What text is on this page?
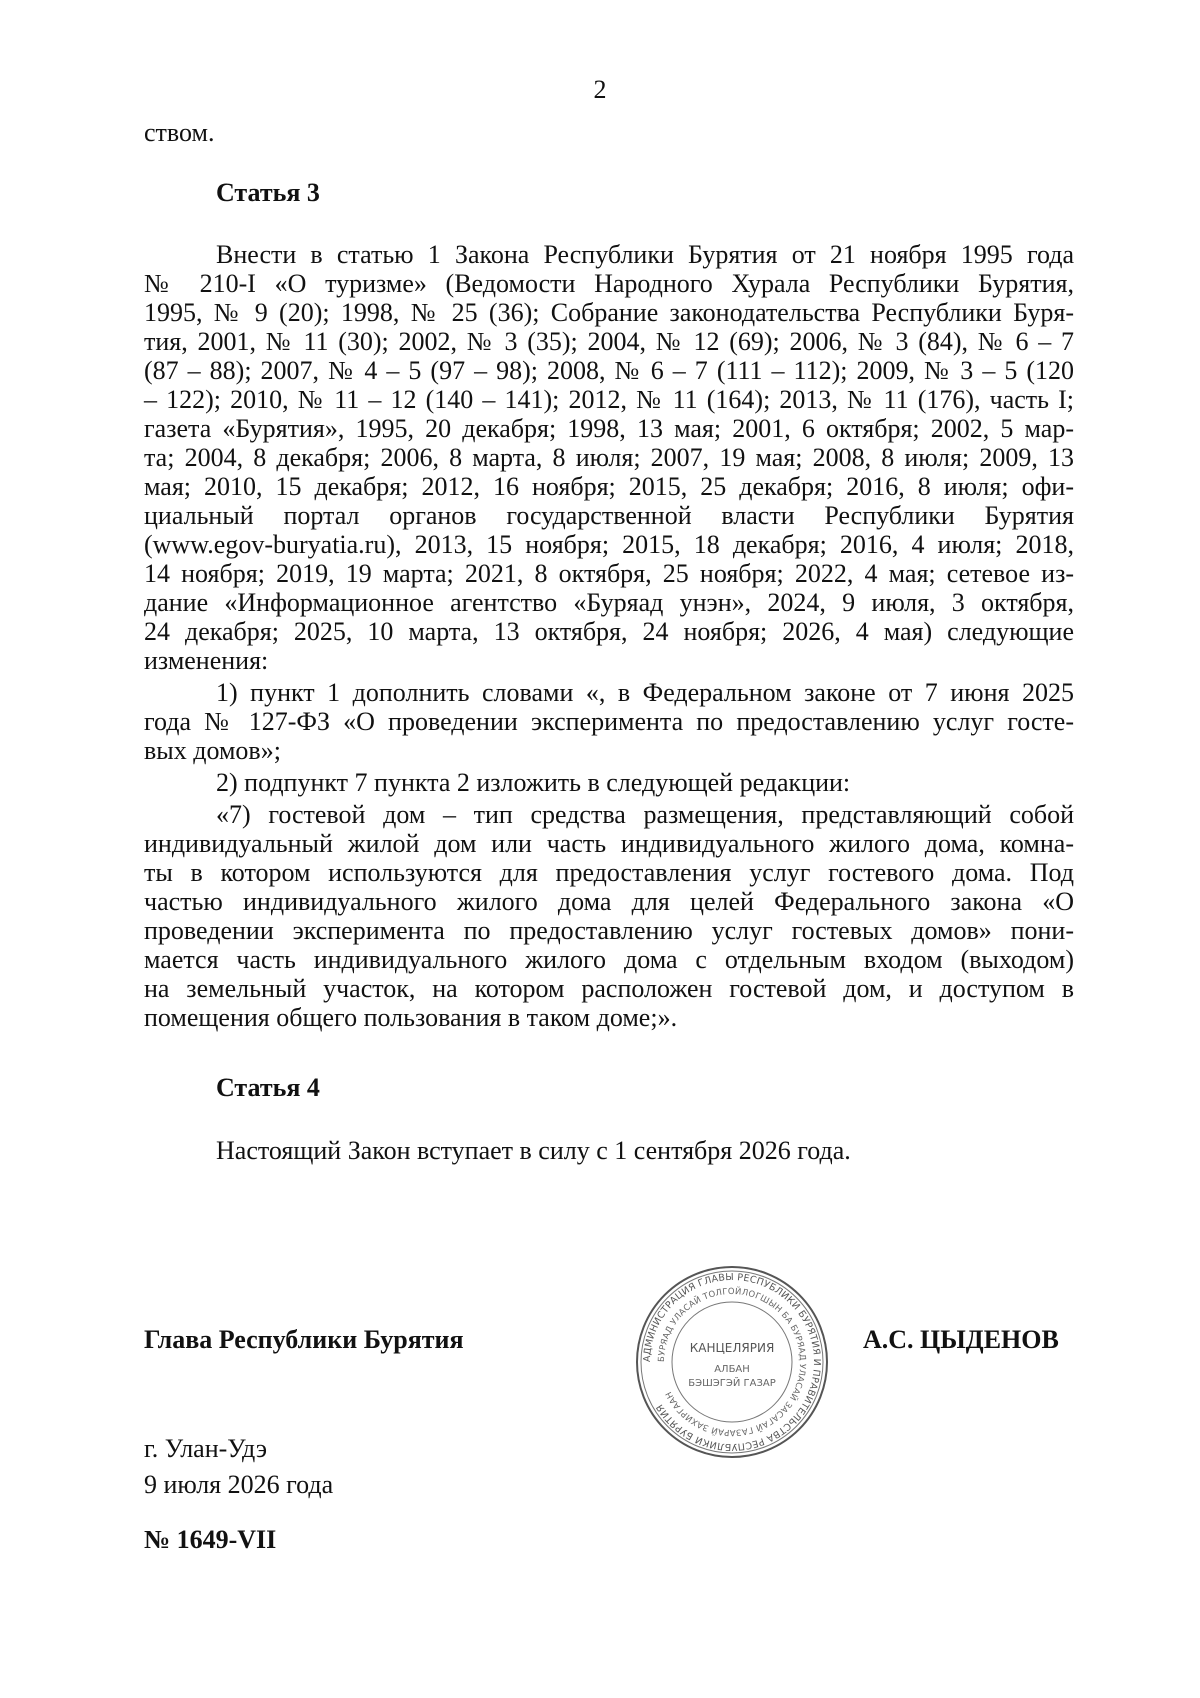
2
ством.
Статья 3
Внести в статью 1 Закона Республики Бурятия от 21 ноября 1995 года
№ 210-I «О туризме» (Ведомости Народного Хурала Республики Бурятия,
1995, № 9 (20); 1998, № 25 (36); Собрание законодательства Республики Буря-
тия, 2001, № 11 (30); 2002, № 3 (35); 2004, № 12 (69); 2006, № 3 (84), № 6 – 7
(87 – 88); 2007, № 4 – 5 (97 – 98); 2008, № 6 – 7 (111 – 112); 2009, № 3 – 5 (120
– 122); 2010, № 11 – 12 (140 – 141); 2012, № 11 (164); 2013, № 11 (176), часть I;
газета «Бурятия», 1995, 20 декабря; 1998, 13 мая; 2001, 6 октября; 2002, 5 мар-
та; 2004, 8 декабря; 2006, 8 марта, 8 июля; 2007, 19 мая; 2008, 8 июля; 2009, 13
мая; 2010, 15 декабря; 2012, 16 ноября; 2015, 25 декабря; 2016, 8 июля; офи-
циальный портал органов государственной власти Республики Бурятия
(www.egov-buryatia.ru), 2013, 15 ноября; 2015, 18 декабря; 2016, 4 июля; 2018,
14 ноября; 2019, 19 марта; 2021, 8 октября, 25 ноября; 2022, 4 мая; сетевое из-
дание «Информационное агентство «Буряад унэн», 2024, 9 июля, 3 октября,
24 декабря; 2025, 10 марта, 13 октября, 24 ноября; 2026, 4 мая) следующие
изменения:
1) пункт 1 дополнить словами «, в Федеральном законе от 7 июня 2025
года № 127-ФЗ «О проведении эксперимента по предоставлению услуг госте-
вых домов»;
2) подпункт 7 пункта 2 изложить в следующей редакции:
«7) гостевой дом – тип средства размещения, представляющий собой
индивидуальный жилой дом или часть индивидуального жилого дома, комна-
ты в котором используются для предоставления услуг гостевого дома. Под
частью индивидуального жилого дома для целей Федерального закона «О
проведении эксперимента по предоставлению услуг гостевых домов» пони-
мается часть индивидуального жилого дома с отдельным входом (выходом)
на земельный участок, на котором расположен гостевой дом, и доступом в
помещения общего пользования в таком доме;».
Статья 4
Настоящий Закон вступает в силу с 1 сентября 2026 года.
Глава Республики Бурятия
АДМИНИСТРАЦИЯ ГЛАВЫ РЕСПУБЛИКИ БУРЯТИЯ И ПРАВИТЕЛЬСТВА РЕСПУБЛИКИ БУРЯТИЯ
БУРЯАД УЛАСАЙ ТОЛГОЙЛОГШЫН БА БУРЯАД УЛАСАЙ ЗАСАГАЙ ГАЗАРАЙ ЗАХИРГААН
КАНЦЕЛЯРИЯ
АЛБАН
БЭШЭГЭЙ ГАЗАР
А.С. ЦЫДЕНОВ
г. Улан-Удэ
9 июля 2026 года
№ 1649-VII
